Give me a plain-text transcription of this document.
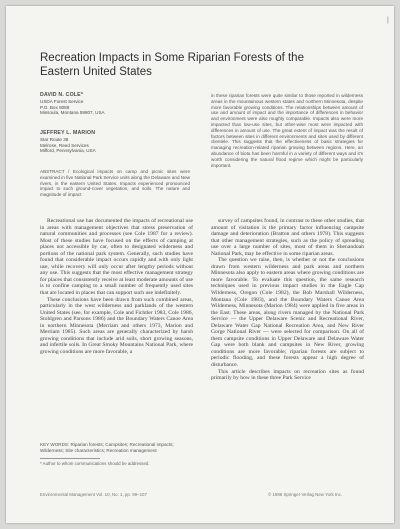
|
Recreation Impacts in Some Riparian Forests of the Eastern United States
DAVID N. COLE*
USDA Forest Service
P.O. Box 8089
Missoula, Montana 59807, USA
JEFFREY L. MARION
Star Route 38
Melrose, Reed Services
Milford, Pennsylvania, USA
ABSTRACT / Ecological impacts on camp and picnic sites were examined in five National Park Service units along the Delaware and New rivers, in the eastern United States. Impacts experienced pronounced impact to such ground-cover vegetation, and soils. The nature and magnitude of impact
in these riparian forests were quite similar to those reported in wilderness areas in the mountainous western states and northern Minnesota, despite more favorable growing conditions. The relationships between amount of use and amount of impact and the importance of differences in behavior and environment were also roughly comparable. Impacts also were more impacted than low-use sites, but other-wise most were impacted with differences in amount of use. The great extent of impact was the result of factors between sites in different environments and sites used by different clientele. This suggests that the effectiveness of basic strategies for managing recreation-related riparian growing between regions. Here, an abundance of biota has been harmful in a variety of different ways and it's worth considering the natural flood regime which might be particularly important.

Recreational use has documented the impacts of recreational use in areas with management objectives that stress preservation of natural communities and processes (see Cole 1987 for a review). Most of these studies have focused on the effects of camping at places not accessible by car, often to designated wilderness and portions of the national park system. Generally, such studies have found that considerable impact occurs rapidly and with only light use, while recovery will only occur after lengthy periods without any use. This suggests that the most effective management strategy for places that consistently receive at least moderate amounts of use is to confine camping to a small number of frequently used sites that are located in places that can support such use indefinitely.

These conclusions have been drawn from such combined areas, particularly in the west wilderness and parklands of the western United States (see, for example, Cole and Fichtler 1983, Cole 1986, Stohlgren and Parsons 1986) and the Boundary Waters Canoe Area in northern Minnesota (Merriam and others 1973, Marion and Merriam 1985). Such areas are generally characterized by harsh growing conditions that include arid soils, short growing seasons, and infertile soils. In Great Smoky Mountains National Park, where growing conditions are more favorable, a

survey of campsites found, in contrast to these other studies, that amount of visitation is the primary factor influencing campsite damage and deterioration (Bratton and others 1978). This suggests that other management strategies, such as the policy of spreading use over a large number of sites, most of them in Shenandoah National Park, may be effective in some riparian areas.

The question we raise, then, is whether or not the conclusions drawn from western wilderness and park areas and northern Minnesota also apply to eastern areas where growing conditions are more favorable. To evaluate this question, the same research techniques used in previous impact studies in the Eagle Cap Wilderness, Oregon (Cole 1982), the Bob Marshall Wilderness, Montana (Cole 1983), and the Boundary Waters Canoe Area Wilderness, Minnesota (Marion 1984) were applied in five areas in the East. These areas, along rivers managed by the National Park Service — the Upper Delaware Scenic and Recreational River, Delaware Water Gap National Recreation Area, and New River Gorge National River — were selected for comparison. On all of them campsite conditions in Upper Delaware and Delaware Water Gap were both blank and campsites in New River, growing conditions are more favorable; riparian forests are subject to periodic flooding, and these forests appear a high degree of disturbance.

This article describes impacts on recreation sites as found primarily by how in these three Park Service

KEY WORDS: Riparian forests; Campsites; Recreational impacts; Wilderness; Site characteristics; Recreation management
* Author to whom communications should be addressed.
Environmental Management Vol. 10, No. 1, pp. 99–107	© 1986 Springer-Verlag New York Inc.
